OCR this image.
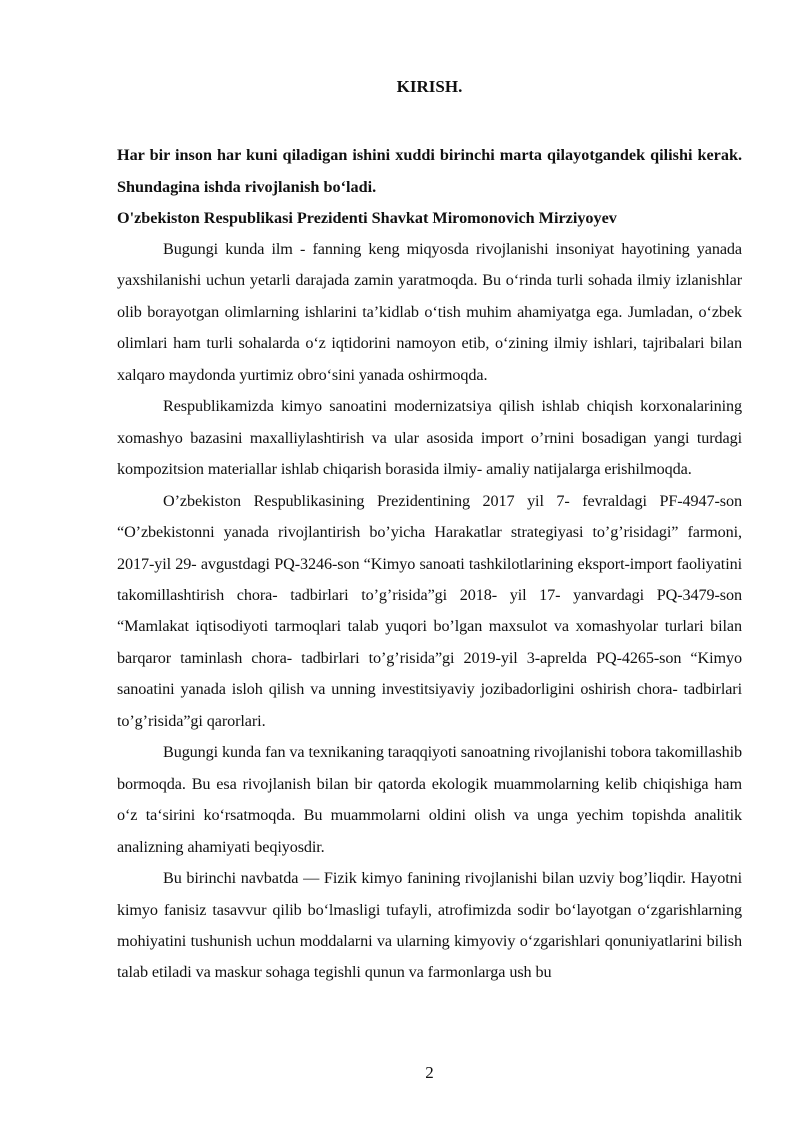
KIRISH.
Har bir inson har kuni qiladigan ishini xuddi birinchi marta qilayotgandek qilishi kerak. Shundagina ishda rivojlanish bo‘ladi.
O'zbekiston Respublikasi Prezidenti Shavkat Miromonovich Mirziyoyev

Bugungi kunda ilm - fanning keng miqyosda rivojlanishi insoniyat hayotining yanada yaxshilanishi uchun yetarli darajada zamin yaratmoqda. Bu o‘rinda turli sohada ilmiy izlanishlar olib borayotgan olimlarning ishlarini ta’kidlab o‘tish muhim ahamiyatga ega. Jumladan, o‘zbek olimlari ham turli sohalarda o‘z iqtidorini namoyon etib, o‘zining ilmiy ishlari, tajribalari bilan xalqaro maydonda yurtimiz obro‘sini yanada oshirmoqda.

Respublikamizda kimyo sanoatini modernizatsiya qilish ishlab chiqish korxonalarining xomashyo bazasini maxalliylashtirish va ular asosida import o’rnini bosadigan yangi turdagi kompozitsion materiallar ishlab chiqarish borasida ilmiy- amaliy natijalarga erishilmoqda.

O’zbekiston Respublikasining Prezidentining 2017 yil 7- fevraldagi PF-4947-son “O’zbekistonni yanada rivojlantirish bo’yicha Harakatlar strategiyasi to’g’risidagi” farmoni, 2017-yil 29- avgustdagi PQ-3246-son “Kimyo sanoati tashkilotlarining eksport-import faoliyatini takomillashtirish chora- tadbirlari to’g’risida”gi 2018- yil 17- yanvardagi PQ-3479-son “Mamlakat iqtisodiyoti tarmoqlari talab yuqori bo’lgan maxsulot va xomashyolar turlari bilan barqaror taminlash chora- tadbirlari to’g’risida”gi 2019-yil 3-aprelda PQ-4265-son “Kimyo sanoatini yanada isloh qilish va unning investitsiyaviy jozibadorligini oshirish chora- tadbirlari to’g’risida”gi qarorlari.

Bugungi kunda fan va texnikaning taraqqiyoti sanoatning rivojlanishi tobora takomillashib bormoqda. Bu esa rivojlanish bilan bir qatorda ekologik muammolarning kelib chiqishiga ham o‘z ta‘sirini ko‘rsatmoqda. Bu muammolarni oldini olish va unga yechim topishda analitik analizning ahamiyati beqiyosdir.

Bu birinchi navbatda — Fizik kimyo fanining rivojlanishi bilan uzviy bog’liqdir. Hayotni kimyo fanisiz tasavvur qilib bo‘lmasligi tufayli, atrofimizda sodir bo‘layotgan o‘zgarishlarning mohiyatini tushunish uchun moddalarni va ularning kimyoviy o‘zgarishlari qonuniyatlarini bilish talab etiladi va maskur sohaga tegishli qunun va farmonlarga ush bu

2
